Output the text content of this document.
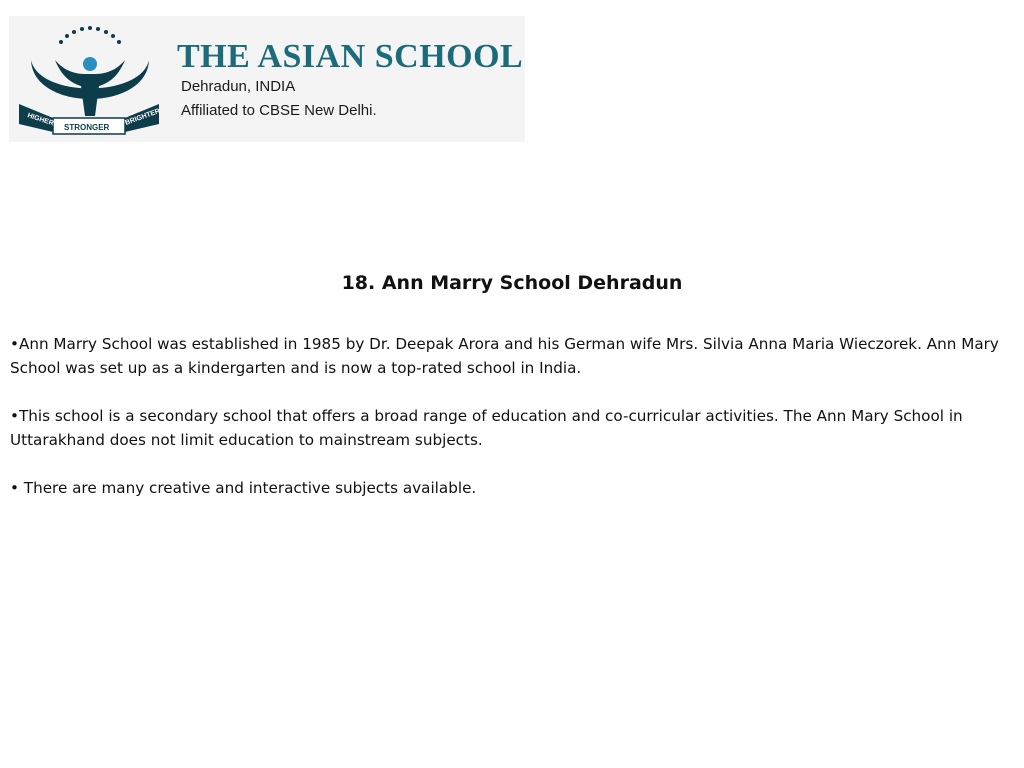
HIGHER
STRONGER
BRIGHTER
THE ASIAN SCHOOL

Dehradun, INDIA

Affiliated to CBSE New Delhi.

18. Ann Marry School Dehradun

•Ann Marry School was established in 1985 by Dr. Deepak Arora and his German wife Mrs. Silvia Anna Maria Wieczorek. Ann Mary School was set up as a kindergarten and is now a top-rated school in India.

•This school is a secondary school that offers a broad range of education and co-curricular activities. The Ann Mary School in Uttarakhand does not limit education to mainstream subjects.

• There are many creative and interactive subjects available.
